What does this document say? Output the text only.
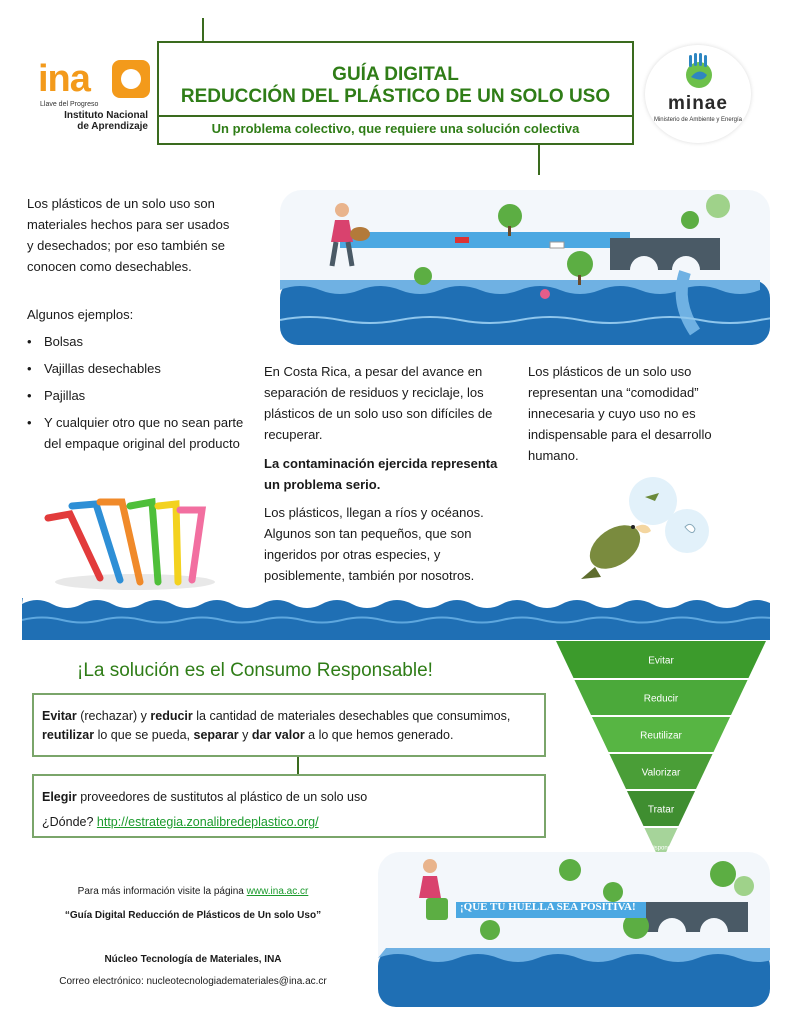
GUÍA DIGITAL
REDUCCIÓN DEL PLÁSTICO DE UN SOLO USO
Un problema colectivo, que requiere una solución colectiva
ina
Llave del Progreso
Instituto Nacional
de Aprendizaje
minae
Ministerio de Ambiente y Energía
Los plásticos de un solo uso son materiales hechos para ser usados y desechados; por eso también se conocen como desechables.
Algunos ejemplos:
• Bolsas
• Vajillas desechables
• Pajillas
• Y cualquier otro que no sean parte del empaque original del producto
En Costa Rica, a pesar del avance en separación de residuos y reciclaje, los plásticos de un solo uso son difíciles de recuperar.
La contaminación ejercida representa un problema serio.
Los plásticos, llegan a ríos y océanos. Algunos son tan pequeños, que son ingeridos por otras especies, y posiblemente, también por nosotros.
Los plásticos de un solo uso representan una “comodidad” innecesaria y cuyo uso no es indispensable para el desarrollo humano.
¡La solución es el Consumo Responsable!
Evitar (rechazar) y reducir la cantidad de materiales desechables que consumimos, reutilizar lo que se pueda, separar y dar valor a lo que hemos generado.
Elegir proveedores de sustitutos al plástico de un solo uso
¿Dónde? http://estrategia.zonalibredeplastico.org/
Evitar
Reducir
Reutilizar
Valorizar
Tratar
Disponer
¡QUE TU HUELLA SEA POSITIVA!
Para más información visite la página www.ina.ac.cr
“Guía Digital Reducción de Plásticos de Un solo Uso”
Núcleo Tecnología de Materiales, INA
Correo electrónico: nucleotecnologiademateriales@ina.ac.cr
